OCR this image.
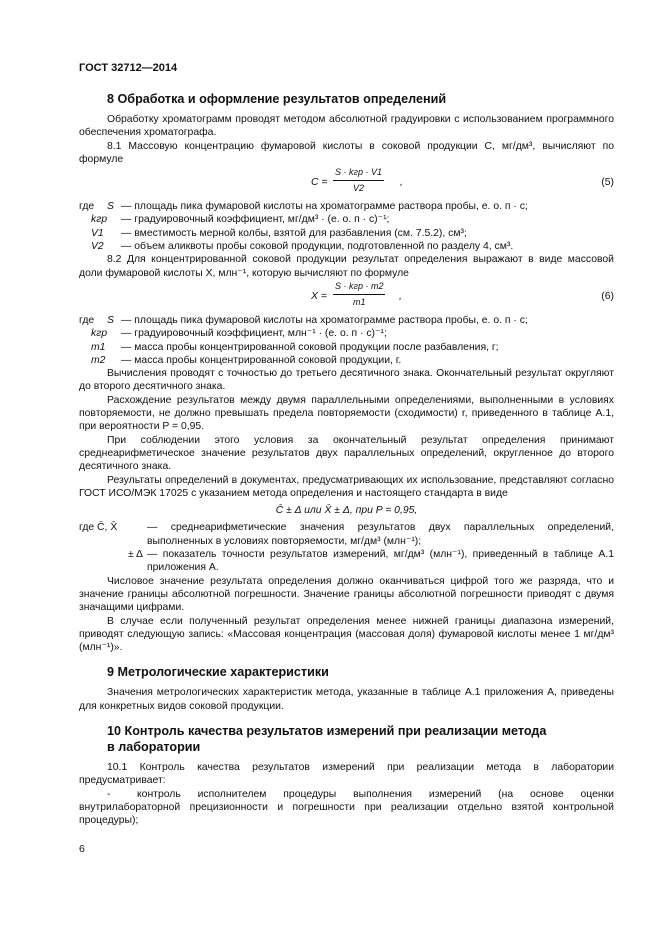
ГОСТ 32712—2014
8 Обработка и оформление результатов определений

Обработку хроматограмм проводят методом абсолютной градуировки с использованием программного обеспечения хроматографа.

8.1 Массовую концентрацию фумаровой кислоты в соковой продукции C, мг/дм³, вычисляют по формуле

C =
S · kгр · V1
V2
,	(5)
где	S — площадь пика фумаровой кислоты на хроматограмме раствора пробы, е. о. п · с;
kгр	— градуировочный коэффициент, мг/дм³ · (е. о. п · с)⁻¹;
V1	— вместимость мерной колбы, взятой для разбавления (см. 7.5.2), см³;
V2	— объем аликвоты пробы соковой продукции, подготовленной по разделу 4, см³.

8.2 Для концентрированной соковой продукции результат определения выражают в виде массовой доли фумаровой кислоты X, млн⁻¹, которую вычисляют по формуле

X =
S · kгр · m2
m1
,	(6)
где	S — площадь пика фумаровой кислоты на хроматограмме раствора пробы, е. о. п · с;
kгр	— градуировочный коэффициент, млн⁻¹ · (е. о. п · с)⁻¹;
m1	— масса пробы концентрированной соковой продукции после разбавления, г;
m2	— масса пробы концентрированной соковой продукции, г.

Вычисления проводят с точностью до третьего десятичного знака. Окончательный результат округляют до второго десятичного знака.

Расхождение результатов между двумя параллельными определениями, выполненными в условиях повторяемости, не должно превышать предела повторяемости (сходимости) r, приведенного в таблице А.1, при вероятности P = 0,95.

При соблюдении этого условия за окончательный результат определения принимают среднеарифметическое значение результатов двух параллельных определений, округленное до второго десятичного знака.

Результаты определений в документах, предусматривающих их использование, представляют согласно ГОСТ ИСО/МЭК 17025 с указанием метода определения и настоящего стандарта в виде

C̄ ± Δ или X̄ ± Δ, при P = 0,95,
где C̄, X̄	— среднеарифметические значения результатов двух параллельных определений, выполненных в условиях повторяемости, мг/дм³ (млн⁻¹);
± Δ — показатель точности результатов измерений, мг/дм³ (млн⁻¹), приведенный в таблице А.1 приложения А.

Числовое значение результата определения должно оканчиваться цифрой того же разряда, что и значение границы абсолютной погрешности. Значение границы абсолютной погрешности приводят с двумя значащими цифрами.

В случае если полученный результат определения менее нижней границы диапазона измерений, приводят следующую запись: «Массовая концентрация (массовая доля) фумаровой кислоты менее 1 мг/дм³ (млн⁻¹)».

9 Метрологические характеристики

Значения метрологических характеристик метода, указанные в таблице А.1 приложения А, приведены для конкретных видов соковой продукции.

10 Контроль качества результатов измерений при реализации метода
в лаборатории

10.1 Контроль качества результатов измерений при реализации метода в лаборатории предусматривает:

-	контроль исполнителем процедуры выполнения измерений (на основе оценки внутрилабораторной прецизионности и погрешности при реализации отдельно взятой контрольной процедуры);

6
